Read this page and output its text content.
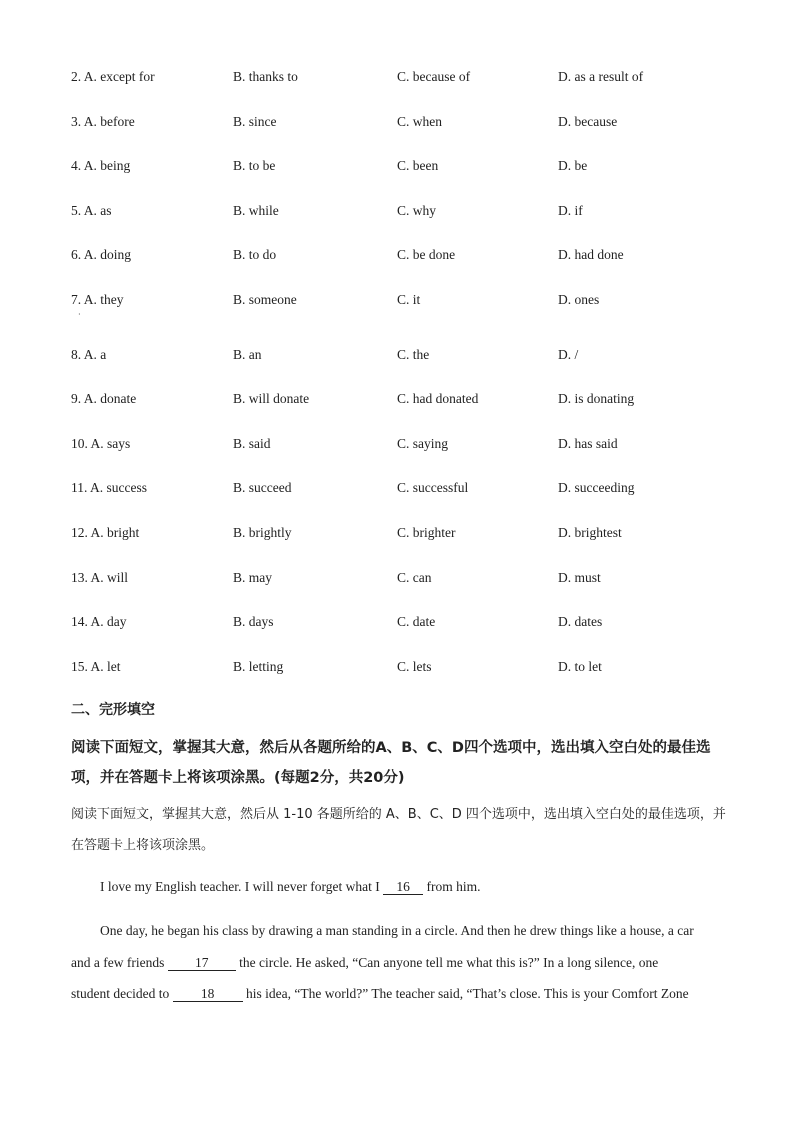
2. A. except for	B. thanks to	C. because of	D. as a result of
3. A. before	B. since	C. when	D. because
4. A. being	B. to be	C. been	D. be
5. A. as	B. while	C. why	D. if
6. A. doing	B. to do	C. be done	D. had done
7. A. they	B. someone	C. it	D. ones
8. A. a	B. an	C. the	D. /
9. A. donate	B. will donate	C. had donated	D. is donating
10. A. says	B. said	C. saying	D. has said
11. A. success	B. succeed	C. successful	D. succeeding
12. A. bright	B. brightly	C. brighter	D. brightest
13. A. will	B. may	C. can	D. must
14. A. day	B. days	C. date	D. dates
15. A. let	B. letting	C. lets	D. to let
·
二、完形填空
阅读下面短文，掌握其大意，然后从各题所给的A、B、C、D四个选项中，选出填入空白处的最佳选项，并在答题卡上将该项涂黑。(每题2分，共20分)
阅读下面短文，掌握其大意，然后从 1-10 各题所给的 A、B、C、D 四个选项中，选出填入空白处的最佳选项，并在答题卡上将该项涂黑。
I love my English teacher. I will never forget what I 16 from him.
One day, he began his class by drawing a man standing in a circle. And then he drew things like a house, a car
and a few friends 17 the circle. He asked, “Can anyone tell me what this is?” In a long silence, one
student decided to 18 his idea, “The world?” The teacher said, “That’s close. This is your Comfort Zone
